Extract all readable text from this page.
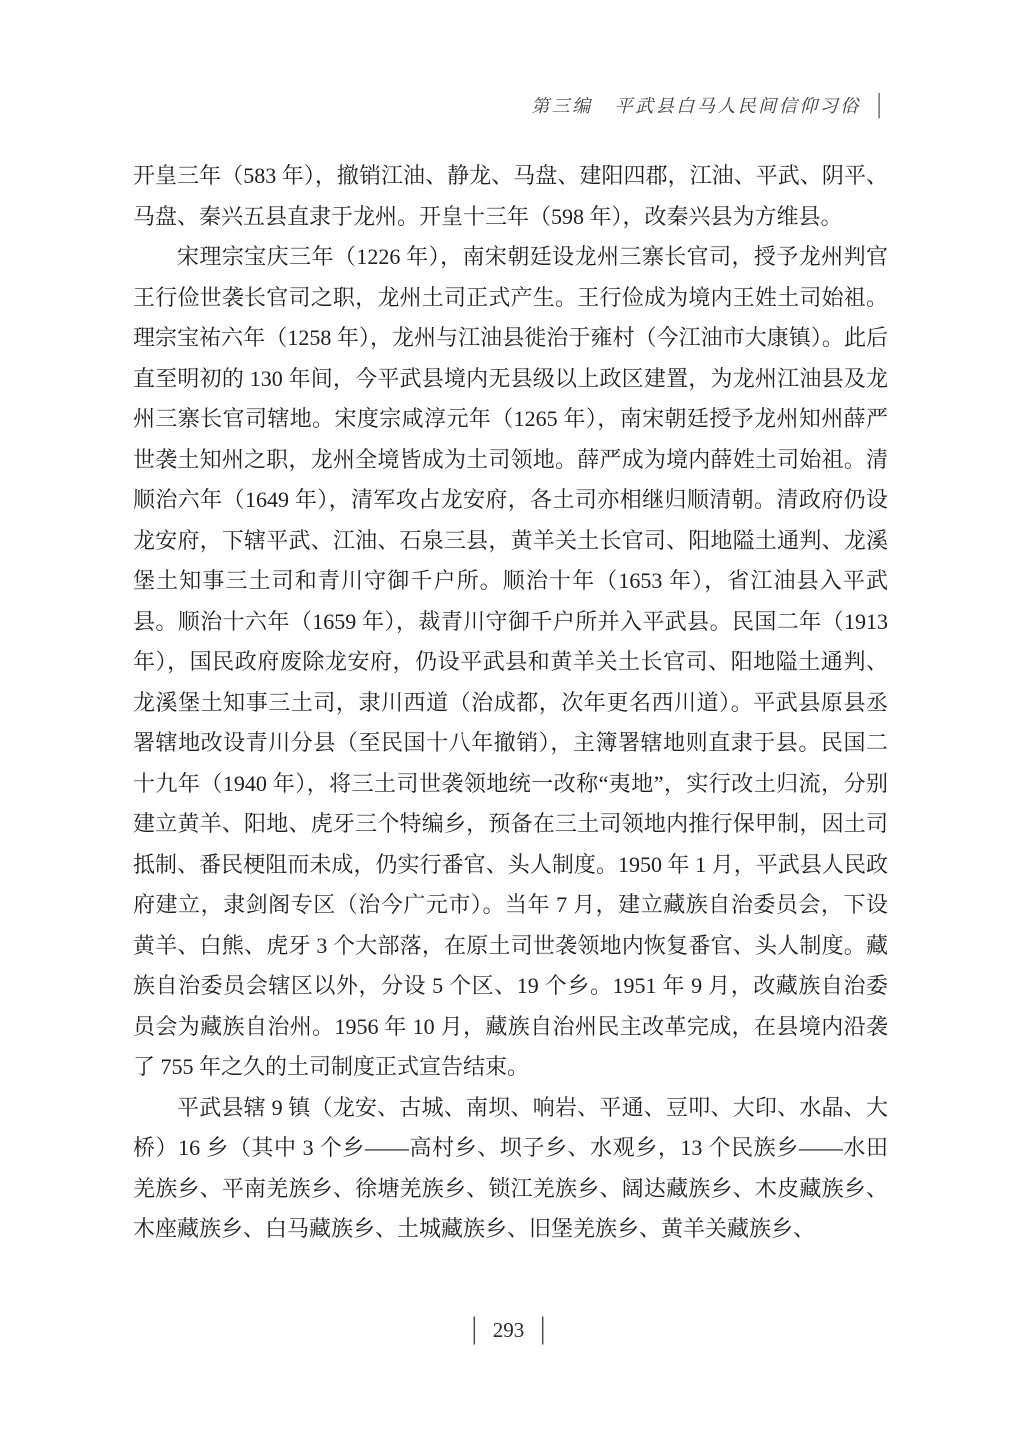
第三编 平武县白马人民间信仰习俗 │

开皇三年（583 年），撤销江油、静龙、马盘、建阳四郡，江油、平武、阴平、马盘、秦兴五县直隶于龙州。开皇十三年（598 年），改秦兴县为方维县。

宋理宗宝庆三年（1226 年），南宋朝廷设龙州三寨长官司，授予龙州判官王行俭世袭长官司之职，龙州土司正式产生。王行俭成为境内王姓土司始祖。理宗宝祐六年（1258 年），龙州与江油县徙治于雍村（今江油市大康镇）。此后直至明初的 130 年间，今平武县境内无县级以上政区建置，为龙州江油县及龙州三寨长官司辖地。宋度宗咸淳元年（1265 年），南宋朝廷授予龙州知州薛严世袭土知州之职，龙州全境皆成为土司领地。薛严成为境内薛姓土司始祖。清顺治六年（1649 年），清军攻占龙安府，各土司亦相继归顺清朝。清政府仍设龙安府，下辖平武、江油、石泉三县，黄羊关土长官司、阳地隘土通判、龙溪堡土知事三土司和青川守御千户所。顺治十年（1653 年），省江油县入平武县。顺治十六年（1659 年），裁青川守御千户所并入平武县。民国二年（1913 年），国民政府废除龙安府，仍设平武县和黄羊关土长官司、阳地隘土通判、龙溪堡土知事三土司，隶川西道（治成都，次年更名西川道）。平武县原县丞署辖地改设青川分县（至民国十八年撤销），主簿署辖地则直隶于县。民国二十九年（1940 年），将三土司世袭领地统一改称“夷地”，实行改土归流，分别建立黄羊、阳地、虎牙三个特编乡，预备在三土司领地内推行保甲制，因土司抵制、番民梗阻而未成，仍实行番官、头人制度。1950 年 1 月，平武县人民政府建立，隶剑阁专区（治今广元市）。当年 7 月，建立藏族自治委员会，下设黄羊、白熊、虎牙 3 个大部落，在原土司世袭领地内恢复番官、头人制度。藏族自治委员会辖区以外，分设 5 个区、19 个乡。1951 年 9 月，改藏族自治委员会为藏族自治州。1956 年 10 月，藏族自治州民主改革完成，在县境内沿袭了 755 年之久的土司制度正式宣告结束。

平武县辖 9 镇（龙安、古城、南坝、响岩、平通、豆叩、大印、水晶、大桥）16 乡（其中 3 个乡——高村乡、坝子乡、水观乡，13 个民族乡——水田羌族乡、平南羌族乡、徐塘羌族乡、锁江羌族乡、阔达藏族乡、木皮藏族乡、木座藏族乡、白马藏族乡、土城藏族乡、旧堡羌族乡、黄羊关藏族乡、

│ 293 │
